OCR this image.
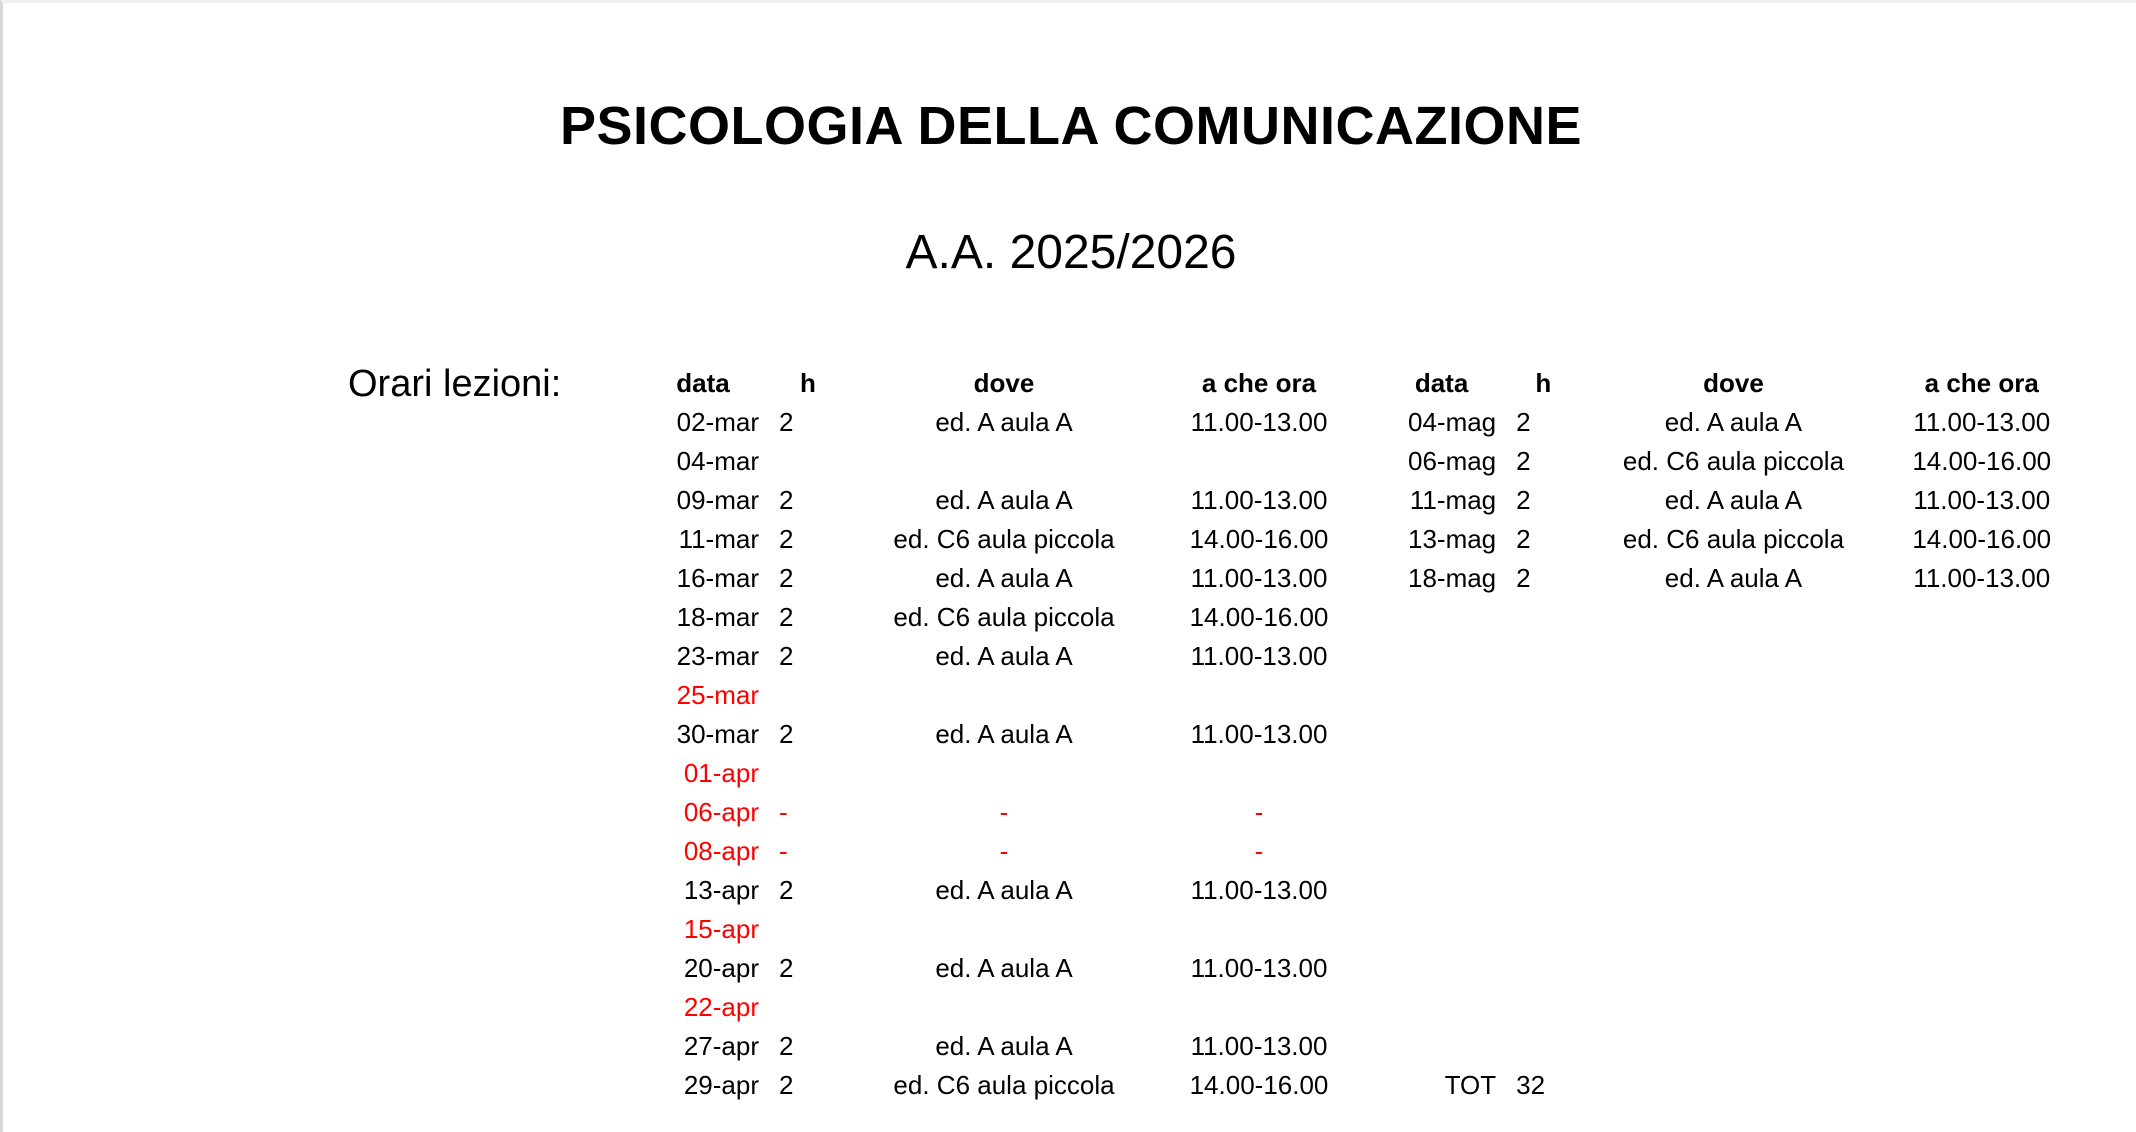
PSICOLOGIA DELLA COMUNICAZIONE
A.A. 2025/2026
Orari lezioni:	data	h	dove	a che ora
02-mar	2	ed. A aula A	11.00-13.00
04-mar			
09-mar	2	ed. A aula A	11.00-13.00
11-mar	2	ed. C6 aula piccola	14.00-16.00
16-mar	2	ed. A aula A	11.00-13.00
18-mar	2	ed. C6 aula piccola	14.00-16.00
23-mar	2	ed. A aula A	11.00-13.00
25-mar			
30-mar	2	ed. A aula A	11.00-13.00
01-apr			
06-apr	-	-	-
08-apr	-	-	-
13-apr	2	ed. A aula A	11.00-13.00
15-apr			
20-apr	2	ed. A aula A	11.00-13.00
22-apr			
27-apr	2	ed. A aula A	11.00-13.00
29-apr	2	ed. C6 aula piccola	14.00-16.00
data	h	dove	a che ora
04-mag	2	ed. A aula A	11.00-13.00
06-mag	2	ed. C6 aula piccola	14.00-16.00
11-mag	2	ed. A aula A	11.00-13.00
13-mag	2	ed. C6 aula piccola	14.00-16.00
18-mag	2	ed. A aula A	11.00-13.00

TOT	32		
